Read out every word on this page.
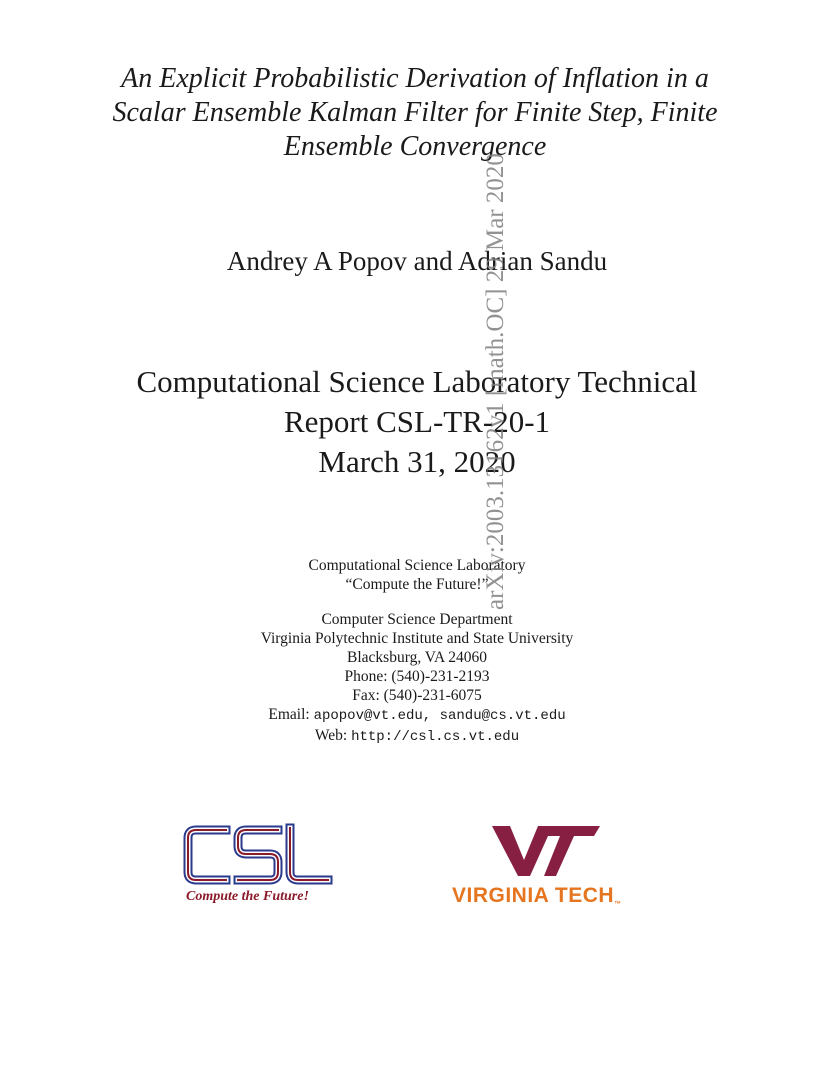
An Explicit Probabilistic Derivation of Inflation in a
Scalar Ensemble Kalman Filter for Finite Step, Finite
Ensemble Convergence
Andrey A Popov and Adrian Sandu
Computational Science Laboratory Technical
Report CSL-TR-20-1
March 31, 2020
Computational Science Laboratory
“Compute the Future!”
Computer Science Department
Virginia Polytechnic Institute and State University
Blacksburg, VA 24060
Phone: (540)-231-2193
Fax: (540)-231-6075
Email: apopov@vt.edu, sandu@cs.vt.edu
Web: http://csl.cs.vt.edu
arXiv:2003.13162v1 [math.OC] 29 Mar 2020
Compute the Future!	VIRGINIA TECH™
